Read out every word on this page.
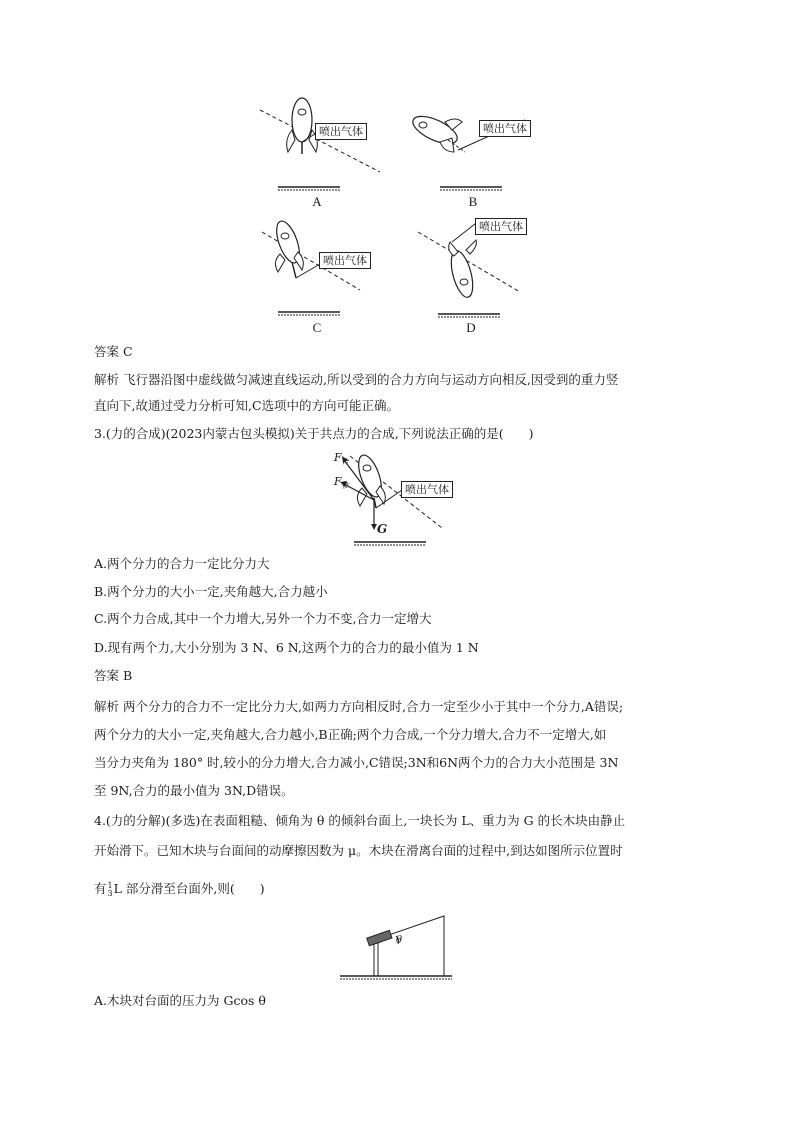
喷出气体	喷出气体
喷出气体
喷出气体
A	B
C	D
答案 C
解析 飞行器沿图中虚线做匀减速直线运动,所以受到的合力方向与运动方向相反,因受到的重力竖
直向下,故通过受力分析可知,C选项中的方向可能正确。
3.(力的合成)(2023内蒙古包头模拟)关于共点力的合成,下列说法正确的是(　　)
$F_合$
$F_推$
G
喷出气体
A.两个分力的合力一定比分力大
B.两个分力的大小一定,夹角越大,合力越小
C.两个力合成,其中一个力增大,另外一个力不变,合力一定增大
D.现有两个力,大小分别为 3 N、6 N,这两个力的合力的最小值为 1 N
答案 B
解析 两个分力的合力不一定比分力大,如两力方向相反时,合力一定至少小于其中一个分力,A错误;
两个分力的大小一定,夹角越大,合力越小,B正确;两个力合成,一个分力增大,合力不一定增大,如
当分力夹角为 180° 时,较小的分力增大,合力减小,C错误;3N和6N两个力的合力大小范围是 3N
至 9N,合力的最小值为 3N,D错误。
4.(力的分解)(多选)在表面粗糙、倾角为 θ 的倾斜台面上,一块长为 L、重力为 G 的长木块由静止
开始滑下。已知木块与台面间的动摩擦因数为 μ。木块在滑离台面的过程中,到达如图所示位置时
有 1
3 L 部分滑至台面外,则(　　)
θ
A.木块对台面的压力为 Gcos θ
